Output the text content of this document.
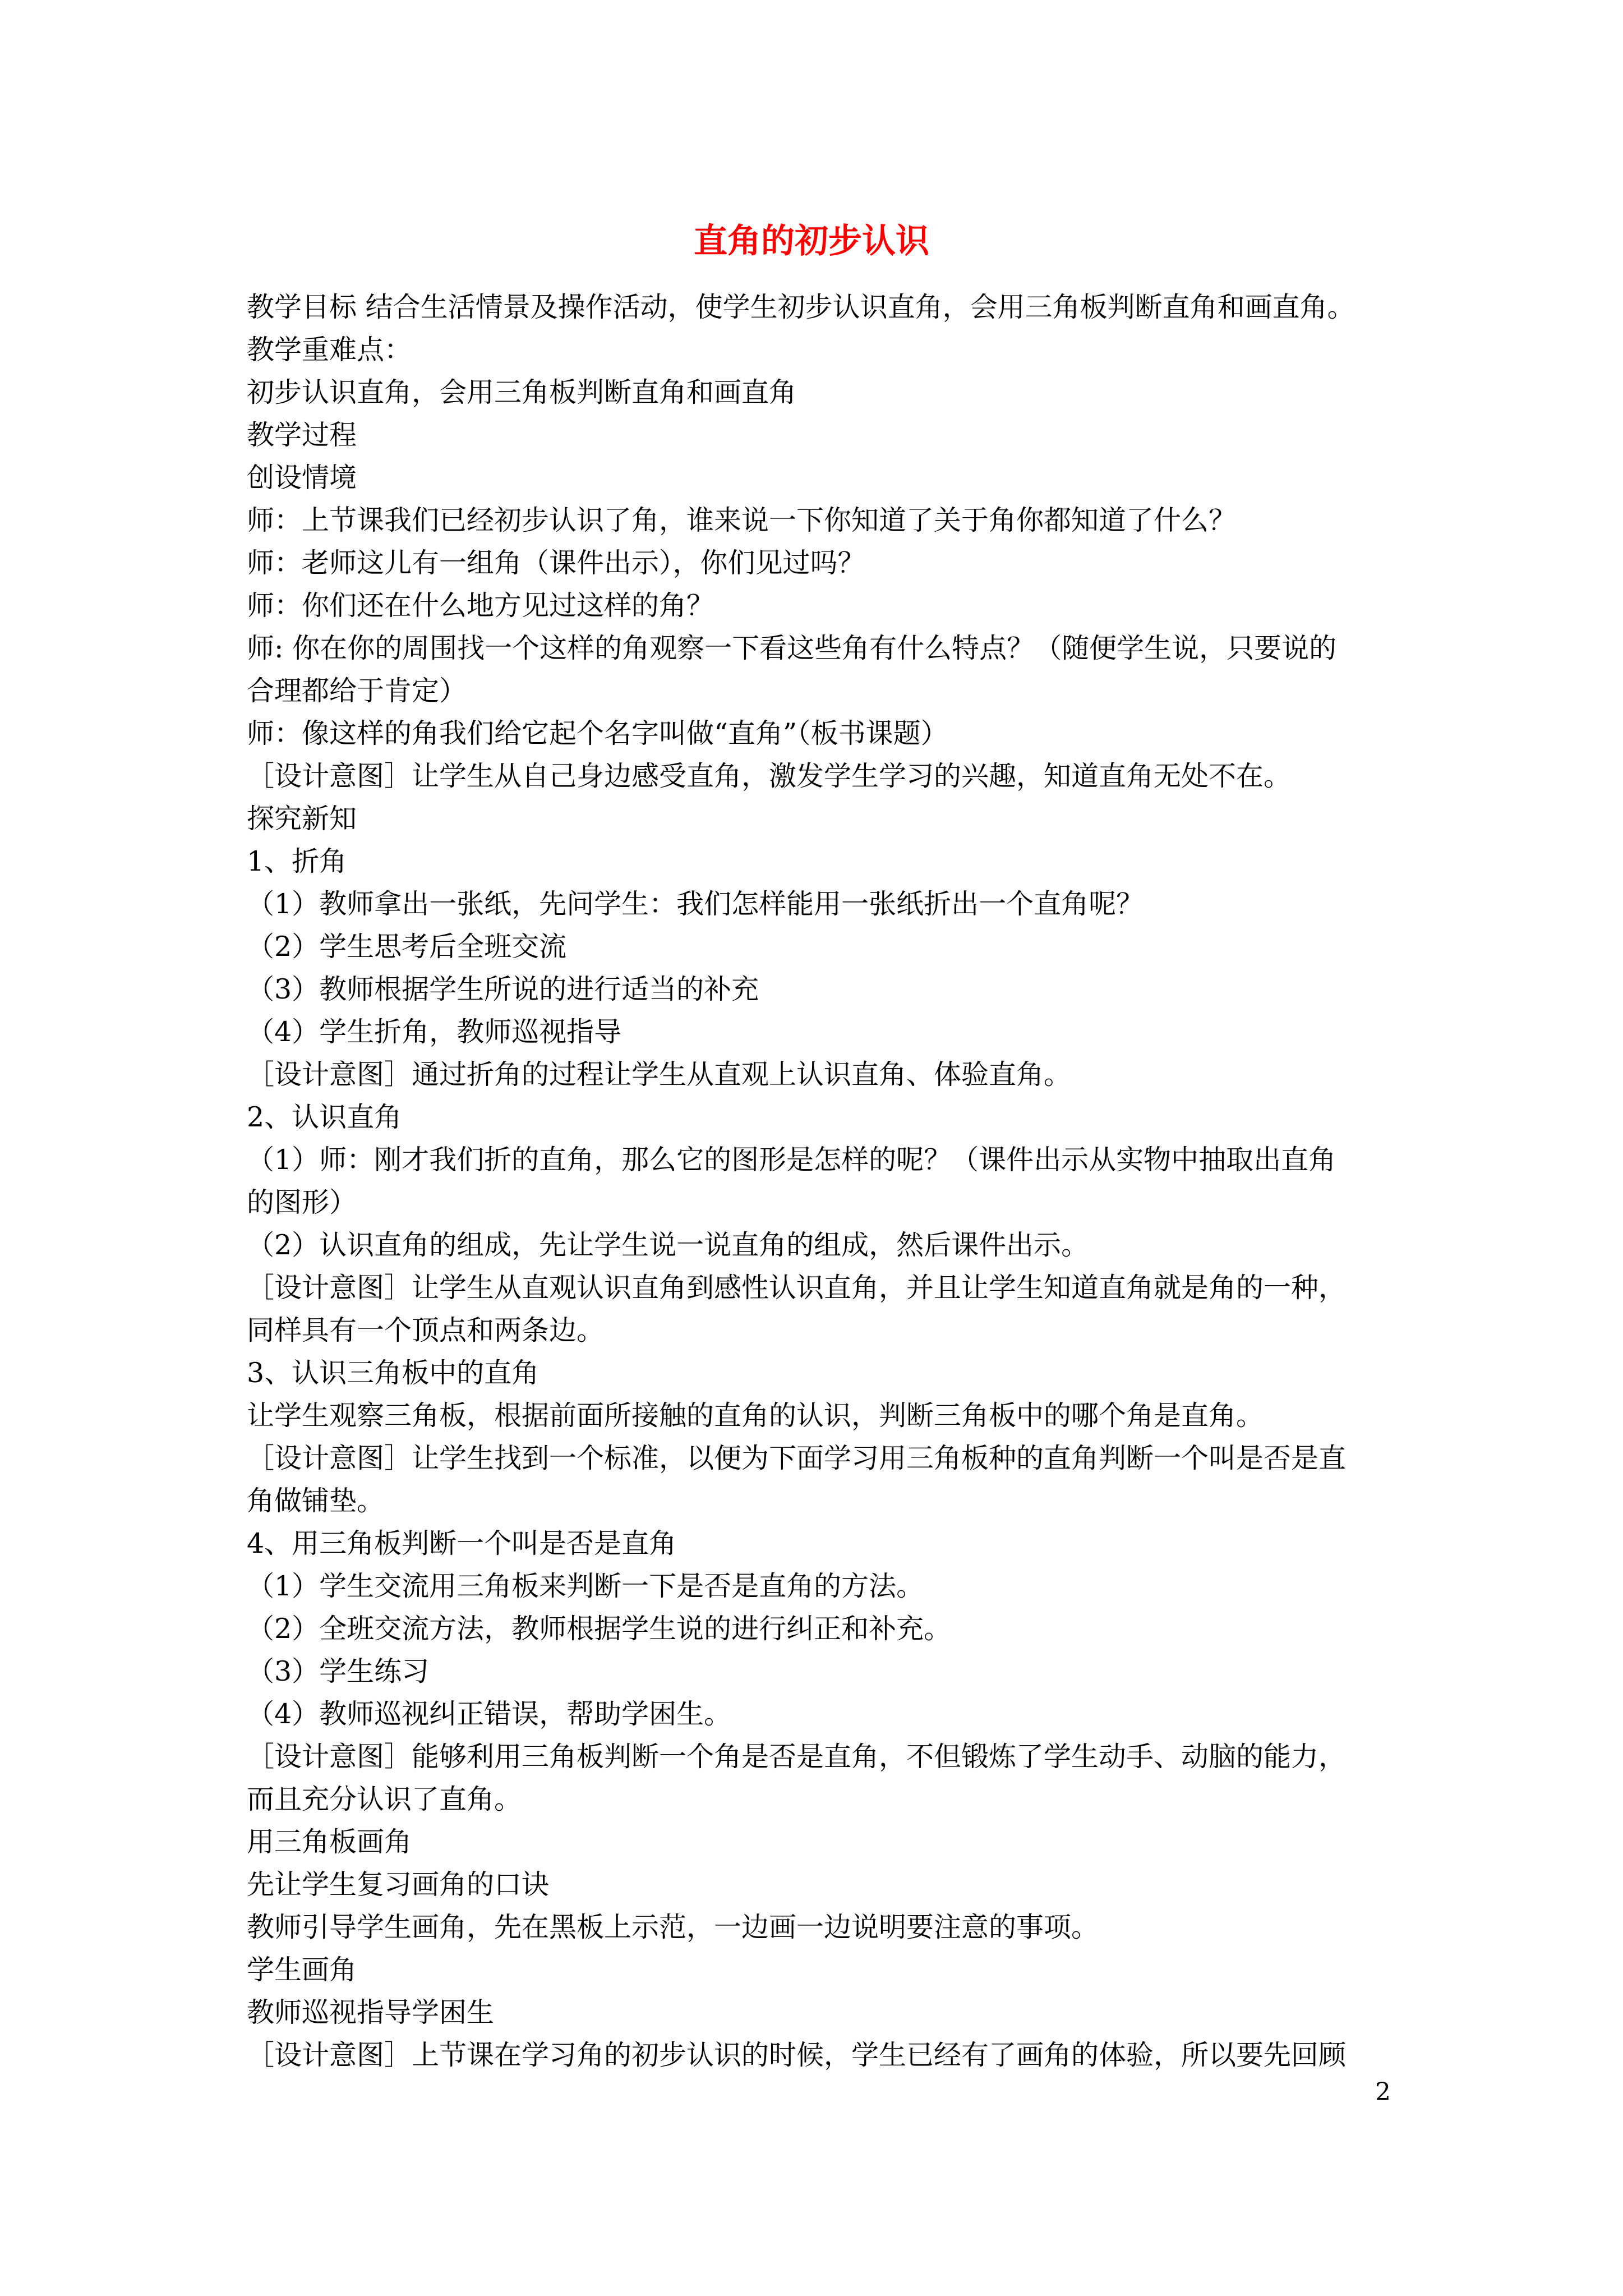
直角的初步认识
教学目标 结合生活情景及操作活动，使学生初步认识直角，会用三角板判断直角和画直角。
教学重难点：
初步认识直角，会用三角板判断直角和画直角
教学过程
创设情境
师：上节课我们已经初步认识了角，谁来说一下你知道了关于角你都知道了什么？
师：老师这儿有一组角（课件出示），你们见过吗？
师：你们还在什么地方见过这样的角？
师: 你在你的周围找一个这样的角观察一下看这些角有什么特点？（随便学生说，只要说的
合理都给于肯定）
师：像这样的角我们给它起个名字叫做“直角”（板书课题）
［设计意图］让学生从自己身边感受直角，激发学生学习的兴趣，知道直角无处不在。
探究新知
1、折角
（1）教师拿出一张纸，先问学生：我们怎样能用一张纸折出一个直角呢？
（2）学生思考后全班交流
（3）教师根据学生所说的进行适当的补充
（4）学生折角，教师巡视指导
［设计意图］通过折角的过程让学生从直观上认识直角、体验直角。
2、认识直角
（1）师：刚才我们折的直角，那么它的图形是怎样的呢？（课件出示从实物中抽取出直角
的图形）
（2）认识直角的组成，先让学生说一说直角的组成，然后课件出示。
［设计意图］让学生从直观认识直角到感性认识直角，并且让学生知道直角就是角的一种，
同样具有一个顶点和两条边。
3、认识三角板中的直角
让学生观察三角板，根据前面所接触的直角的认识，判断三角板中的哪个角是直角。
［设计意图］让学生找到一个标准，以便为下面学习用三角板种的直角判断一个叫是否是直
角做铺垫。
4、用三角板判断一个叫是否是直角
（1）学生交流用三角板来判断一下是否是直角的方法。
（2）全班交流方法，教师根据学生说的进行纠正和补充。
（3）学生练习
（4）教师巡视纠正错误，帮助学困生。
［设计意图］能够利用三角板判断一个角是否是直角，不但锻炼了学生动手、动脑的能力，
而且充分认识了直角。
用三角板画角
先让学生复习画角的口诀
教师引导学生画角，先在黑板上示范，一边画一边说明要注意的事项。
学生画角
教师巡视指导学困生
［设计意图］上节课在学习角的初步认识的时候，学生已经有了画角的体验，所以要先回顾
2
